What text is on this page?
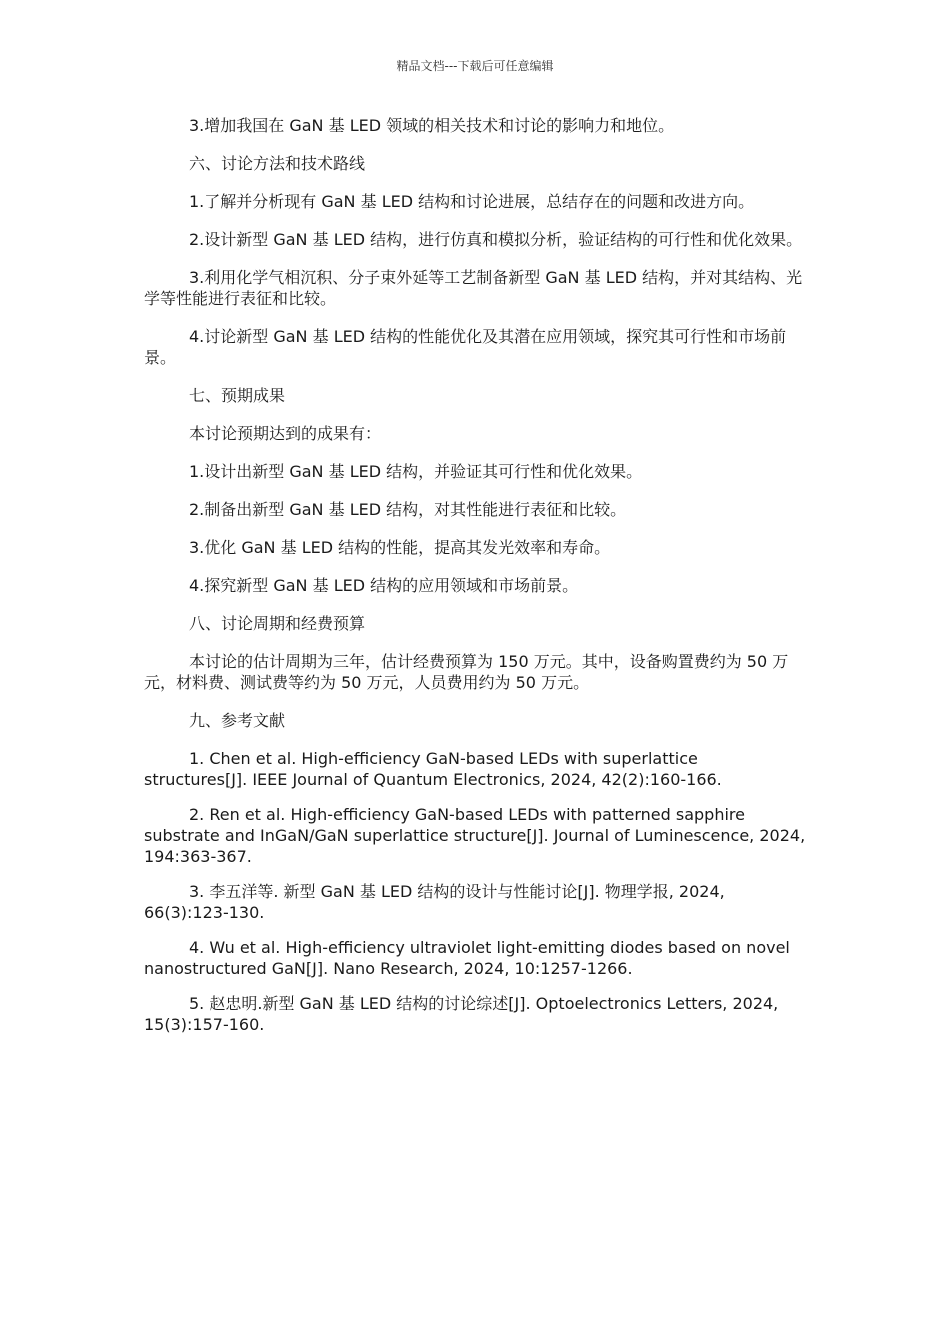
精品文档---下载后可任意编辑

3.增加我国在 GaN 基 LED 领域的相关技术和讨论的影响力和地位。

六、讨论方法和技术路线

1.了解并分析现有 GaN 基 LED 结构和讨论进展，总结存在的问题和改进方向。

2.设计新型 GaN 基 LED 结构，进行仿真和模拟分析，验证结构的可行性和优化效果。

3.利用化学气相沉积、分子束外延等工艺制备新型 GaN 基 LED 结构，并对其结构、光学等性能进行表征和比较。

4.讨论新型 GaN 基 LED 结构的性能优化及其潜在应用领域，探究其可行性和市场前景。

七、预期成果

本讨论预期达到的成果有：

1.设计出新型 GaN 基 LED 结构，并验证其可行性和优化效果。

2.制备出新型 GaN 基 LED 结构，对其性能进行表征和比较。

3.优化 GaN 基 LED 结构的性能，提高其发光效率和寿命。

4.探究新型 GaN 基 LED 结构的应用领域和市场前景。

八、讨论周期和经费预算

本讨论的估计周期为三年，估计经费预算为 150 万元。其中，设备购置费约为 50 万元，材料费、测试费等约为 50 万元，人员费用约为 50 万元。

九、参考文献

1. Chen et al. High-efficiency GaN-based LEDs with superlattice structures[J]. IEEE Journal of Quantum Electronics, 2024, 42(2):160-166.

2. Ren et al. High-efficiency GaN-based LEDs with patterned sapphire substrate and InGaN/GaN superlattice structure[J]. Journal of Luminescence, 2024, 194:363-367.

3. 李五洋等. 新型 GaN 基 LED 结构的设计与性能讨论[J]. 物理学报, 2024, 66(3):123-130.

4. Wu et al. High-efficiency ultraviolet light-emitting diodes based on novel nanostructured GaN[J]. Nano Research, 2024, 10:1257-1266.

5. 赵忠明.新型 GaN 基 LED 结构的讨论综述[J]. Optoelectronics Letters, 2024, 15(3):157-160.
